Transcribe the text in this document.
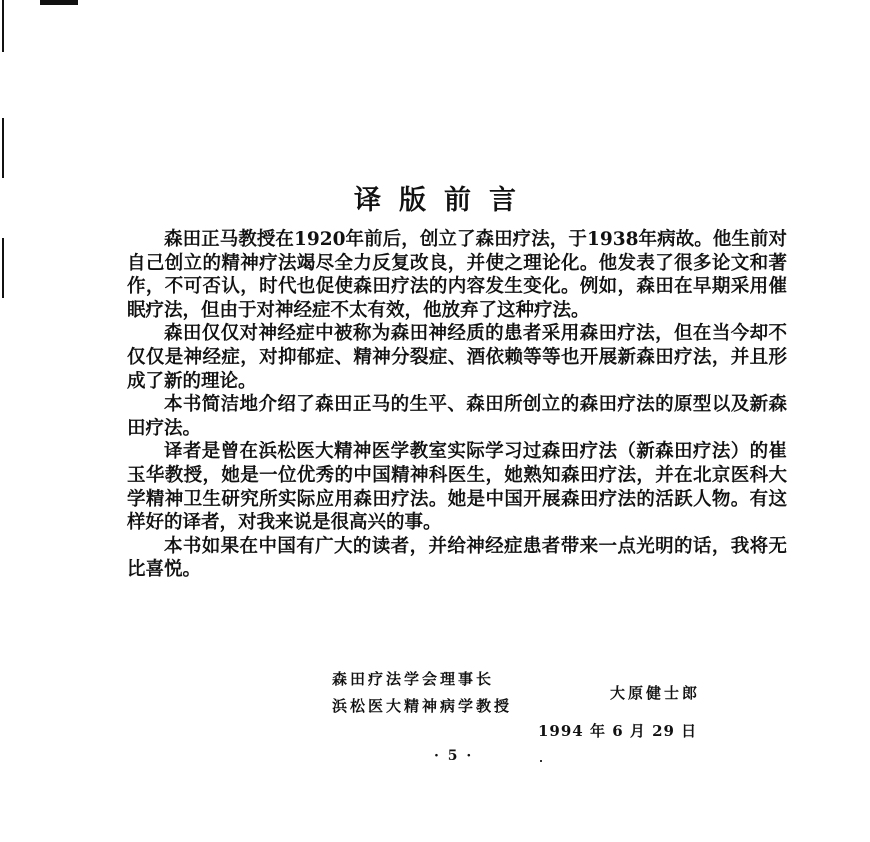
译版前言

森田正马教授在1920年前后，创立了森田疗法，于1938年病故。他生前对自己创立的精神疗法竭尽全力反复改良，并使之理论化。他发表了很多论文和著作，不可否认，时代也促使森田疗法的内容发生变化。例如，森田在早期采用催眠疗法，但由于对神经症不太有效，他放弃了这种疗法。

森田仅仅对神经症中被称为森田神经质的患者采用森田疗法，但在当今却不仅仅是神经症，对抑郁症、精神分裂症、酒依赖等等也开展新森田疗法，并且形成了新的理论。

本书简洁地介绍了森田正马的生平、森田所创立的森田疗法的原型以及新森田疗法。

译者是曾在浜松医大精神医学教室实际学习过森田疗法（新森田疗法）的崔玉华教授，她是一位优秀的中国精神科医生，她熟知森田疗法，并在北京医科大学精神卫生研究所实际应用森田疗法。她是中国开展森田疗法的活跃人物。有这样好的译者，对我来说是很高兴的事。

本书如果在中国有广大的读者，并给神经症患者带来一点光明的话，我将无比喜悦。

森田疗法学会理事长
浜松医大精神病学教授
大原健士郎
1994 年 6 月 29 日
· 5 ·
